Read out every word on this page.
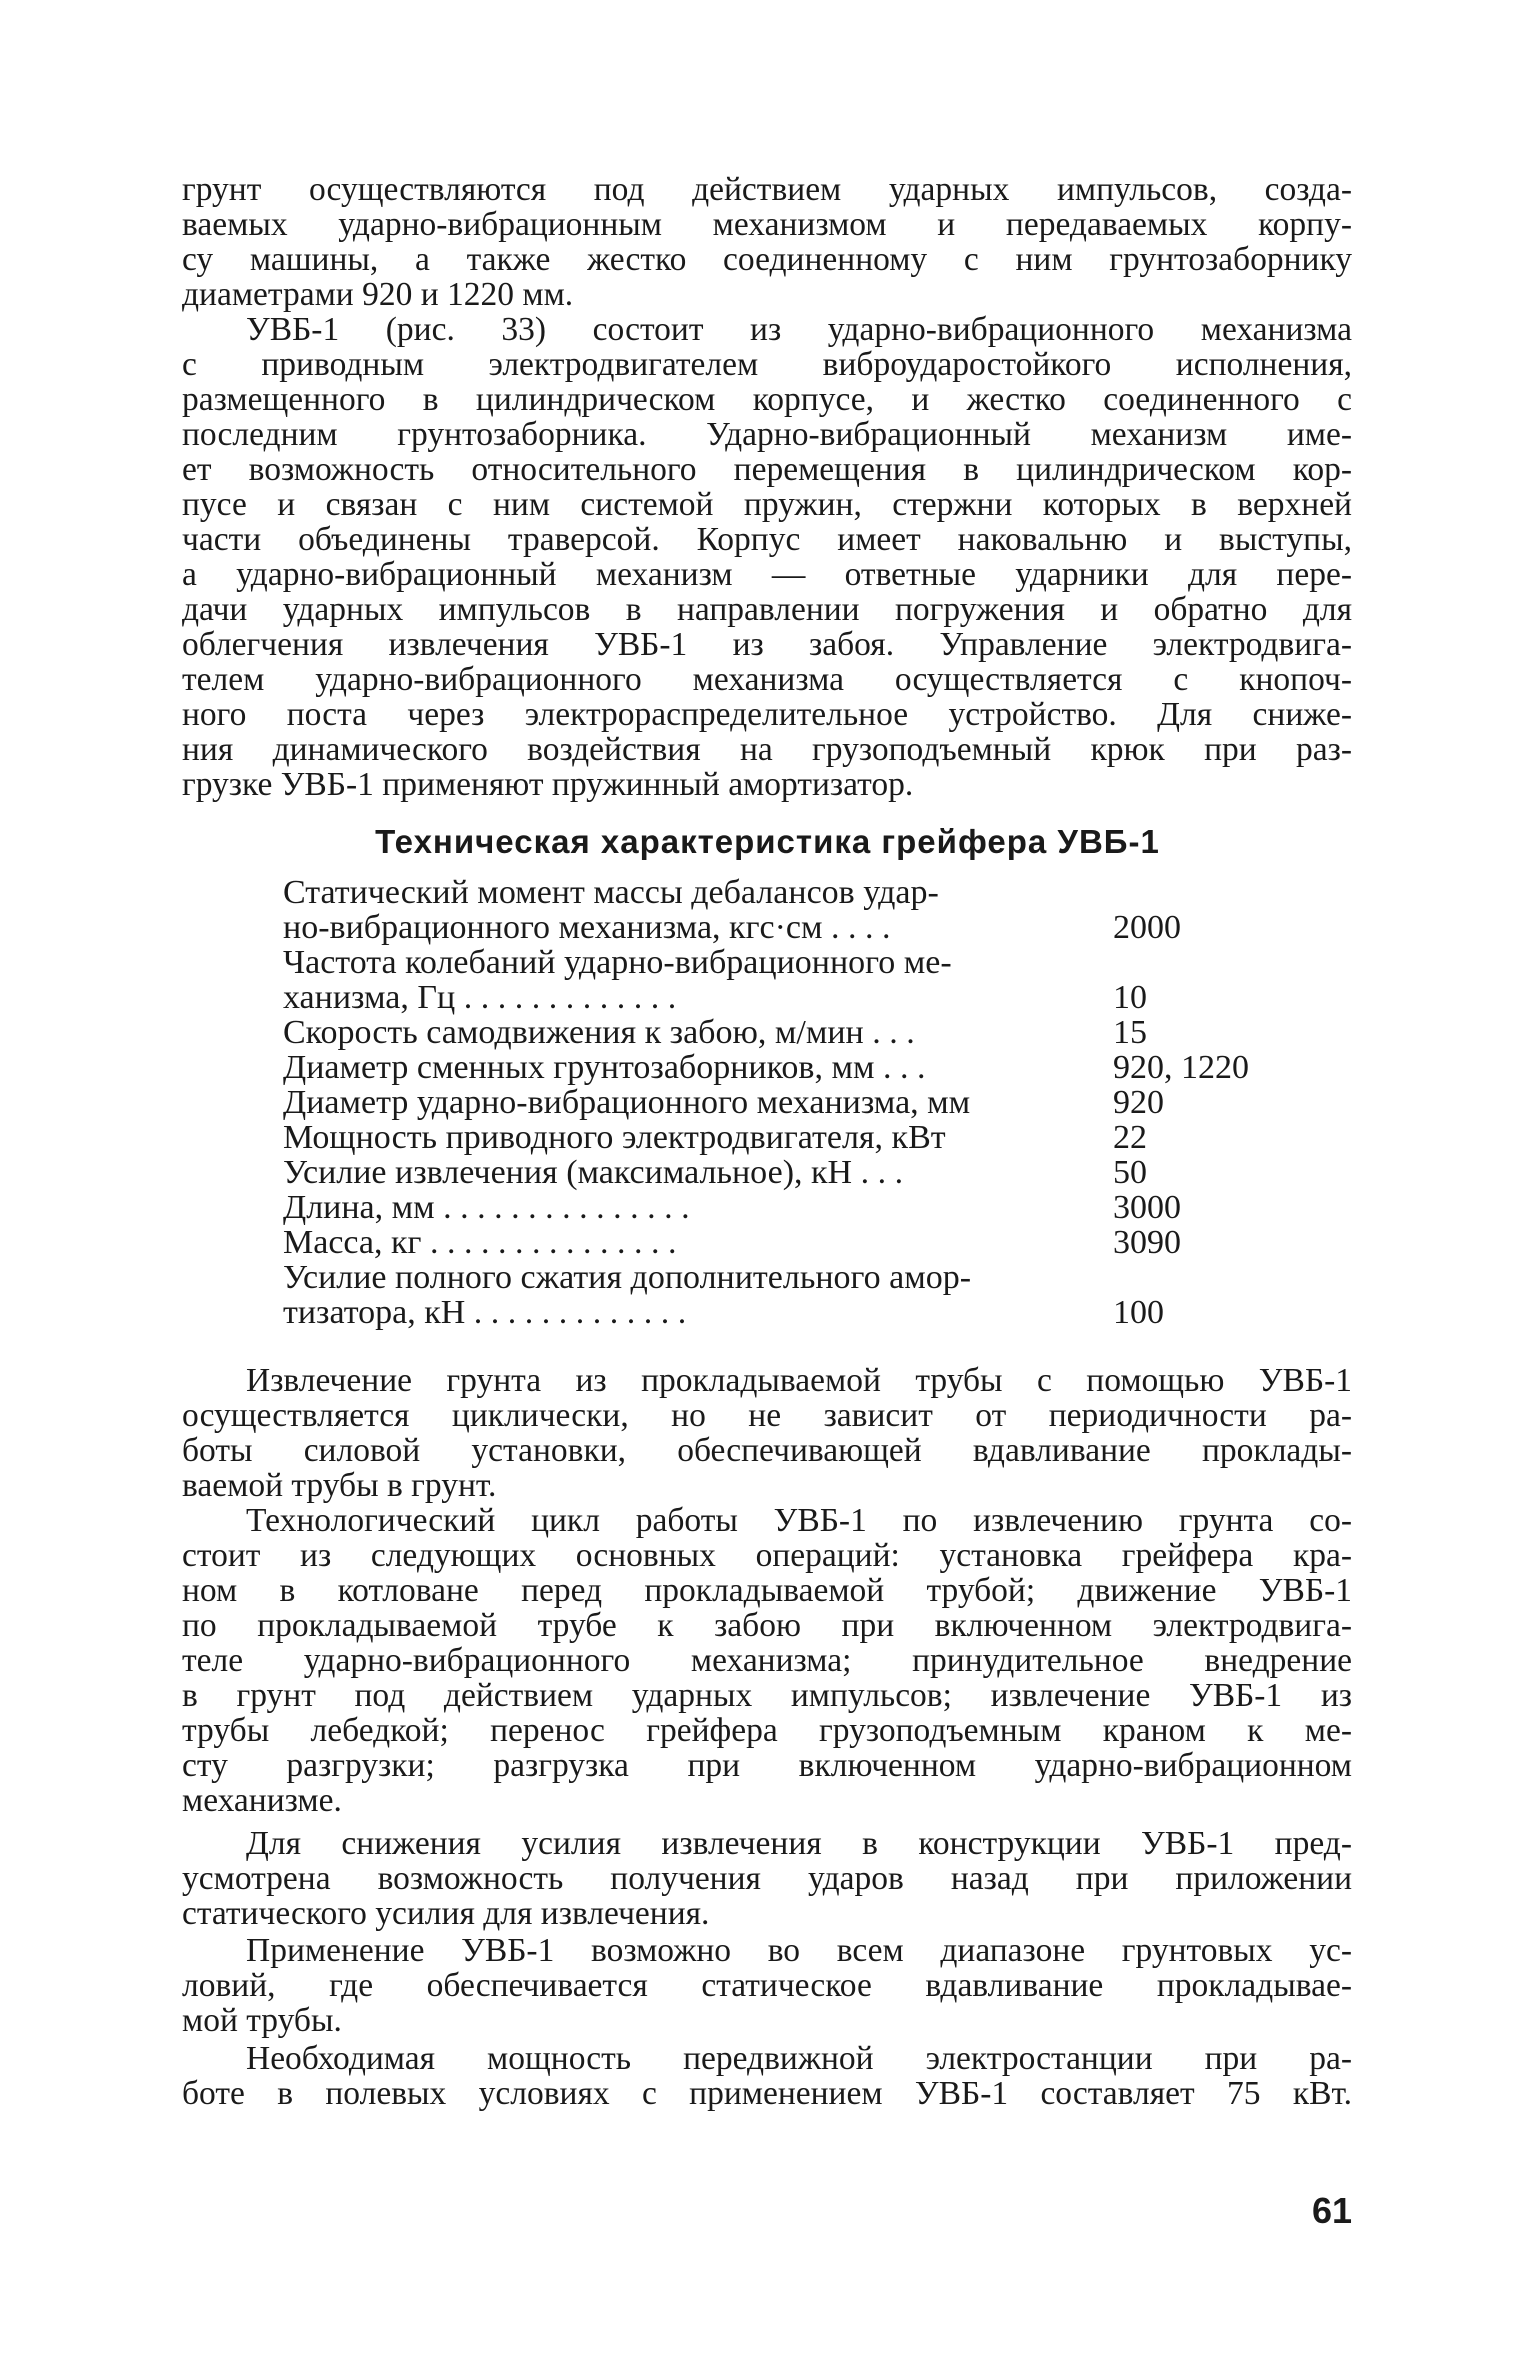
грунт осуществляются под действием ударных импульсов, созда-
ваемых ударно-вибрационным механизмом и передаваемых корпу-
су машины, а также жестко соединенному с ним грунтозаборнику
диаметрами 920 и 1220 мм.

УВБ-1 (рис. 33) состоит из ударно-вибрационного механизма
с приводным электродвигателем виброударостойкого исполнения,
размещенного в цилиндрическом корпусе, и жестко соединенного с
последним грунтозаборника. Ударно-вибрационный механизм име-
ет возможность относительного перемещения в цилиндрическом кор-
пусе и связан с ним системой пружин, стержни которых в верхней
части объединены траверсой. Корпус имеет наковальню и выступы,
а ударно-вибрационный механизм — ответные ударники для пере-
дачи ударных импульсов в направлении погружения и обратно для
облегчения извлечения УВБ-1 из забоя. Управление электродвига-
телем ударно-вибрационного механизма осуществляется с кнопоч-
ного поста через электрораспределительное устройство. Для сниже-
ния динамического воздействия на грузоподъемный крюк при раз-
грузке УВБ-1 применяют пружинный амортизатор.

Техническая характеристика грейфера УВБ-1
Статический момент массы дебалансов удар-
но-вибрационного механизма, кгс·см . . . .	2000
Частота колебаний ударно-вибрационного ме-
ханизма, Гц . . . . . . . . . . . . .	10
Скорость самодвижения к забою, м/мин . . .	15
Диаметр сменных грунтозаборников, мм . . .	920, 1220
Диаметр ударно-вибрационного механизма, мм	920
Мощность приводного электродвигателя, кВт	22
Усилие извлечения (максимальное), кН . . .	50
Длина, мм . . . . . . . . . . . . . . .	3000
Масса, кг . . . . . . . . . . . . . . .	3090
Усилие полного сжатия дополнительного амор-
тизатора, кН . . . . . . . . . . . . .	100

Извлечение грунта из прокладываемой трубы с помощью УВБ-1
осуществляется циклически, но не зависит от периодичности ра-
боты силовой установки, обеспечивающей вдавливание проклады-
ваемой трубы в грунт.

Технологический цикл работы УВБ-1 по извлечению грунта со-
стоит из следующих основных операций: установка грейфера кра-
ном в котловане перед прокладываемой трубой; движение УВБ-1
по прокладываемой трубе к забою при включенном электродвига-
теле ударно-вибрационного механизма; принудительное внедрение
в грунт под действием ударных импульсов; извлечение УВБ-1 из
трубы лебедкой; перенос грейфера грузоподъемным краном к ме-
сту разгрузки; разгрузка при включенном ударно-вибрационном
механизме.

Для снижения усилия извлечения в конструкции УВБ-1 пред-
усмотрена возможность получения ударов назад при приложении
статического усилия для извлечения.

Применение УВБ-1 возможно во всем диапазоне грунтовых ус-
ловий, где обеспечивается статическое вдавливание прокладывае-
мой трубы.

Необходимая мощность передвижной электростанции при ра-
боте в полевых условиях с применением УВБ-1 составляет 75 кВт.

61
